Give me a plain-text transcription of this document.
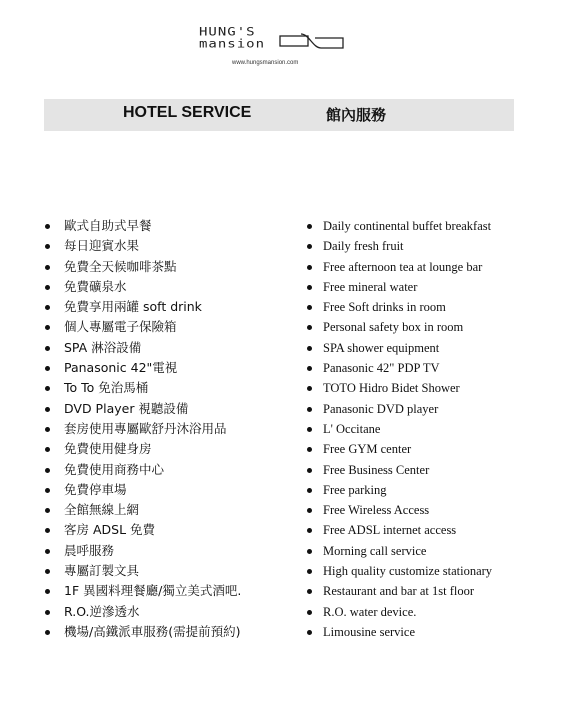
HUNG'S
mansion
www.hungsmansion.com
HOTEL SERVICE	館內服務
歐式自助式早餐
每日迎賓水果
免費全天候咖啡茶點
免費礦泉水
免費享用兩罐 soft drink
個人專屬電子保險箱
SPA 淋浴設備
Panasonic 42"電視
To To 免治馬桶
DVD Player 視聽設備
套房使用專屬歐舒丹沐浴用品
免費使用健身房
免費使用商務中心
免費停車場
全館無線上網
客房 ADSL 免費
晨呼服務
專屬訂製文具
1F 異國料理餐廳/獨立美式酒吧.
R.O.逆滲透水
機場/高鐵派車服務(需提前預約)
Daily continental buffet breakfast
Daily fresh fruit
Free afternoon tea at lounge bar
Free mineral water
Free Soft drinks in room
Personal safety box in room
SPA shower equipment
Panasonic 42" PDP TV
TOTO Hidro Bidet Shower
Panasonic DVD player
L' Occitane
Free GYM center
Free Business Center
Free parking
Free Wireless Access
Free ADSL internet access
Morning call service
High quality customize stationary
Restaurant and bar at 1st floor
R.O. water device.
Limousine service
